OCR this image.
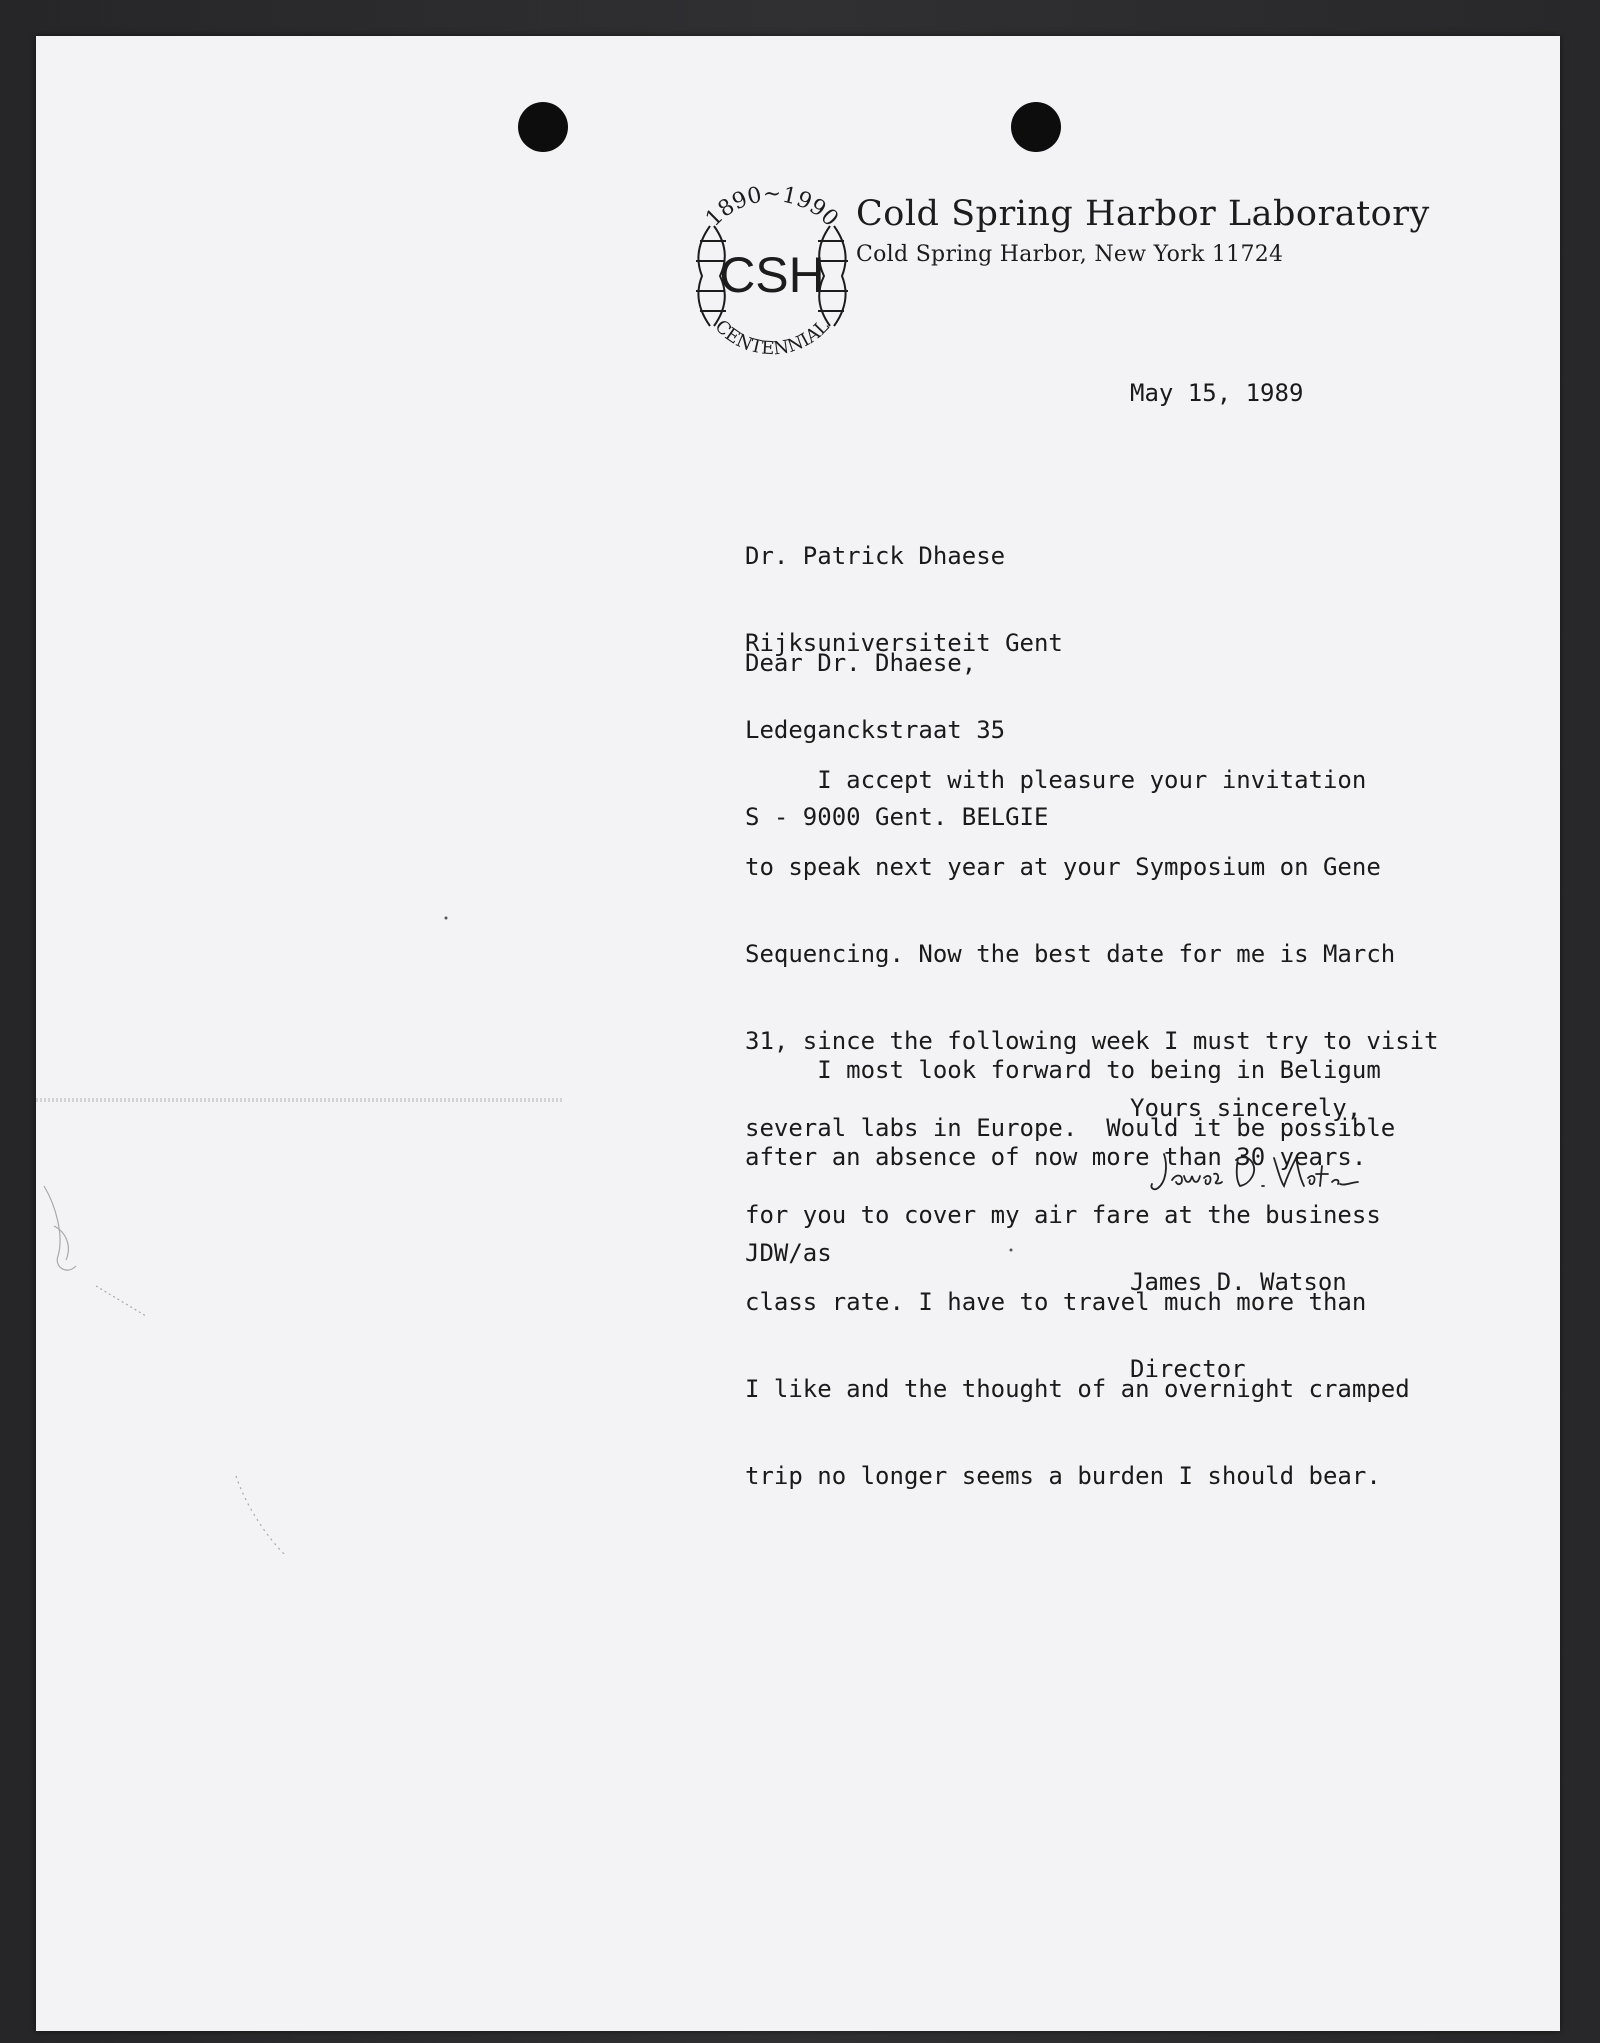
1890~1990
CSH
CENTENNIAL
Cold Spring Harbor Laboratory
Cold Spring Harbor, New York 11724
May 15, 1989

Dr. Patrick Dhaese

Rijksuniversiteit Gent

Ledeganckstraat 35

S - 9000 Gent. BELGIE

Dear Dr. Dhaese,

I accept with pleasure your invitation

to speak next year at your Symposium on Gene

Sequencing. Now the best date for me is March

31, since the following week I must try to visit

several labs in Europe.  Would it be possible

for you to cover my air fare at the business

class rate. I have to travel much more than

I like and the thought of an overnight cramped

trip no longer seems a burden I should bear.

I most look forward to being in Beligum

after an absence of now more than 30 years.

Yours sincerely,

James D. Watson

Director

JDW/as
